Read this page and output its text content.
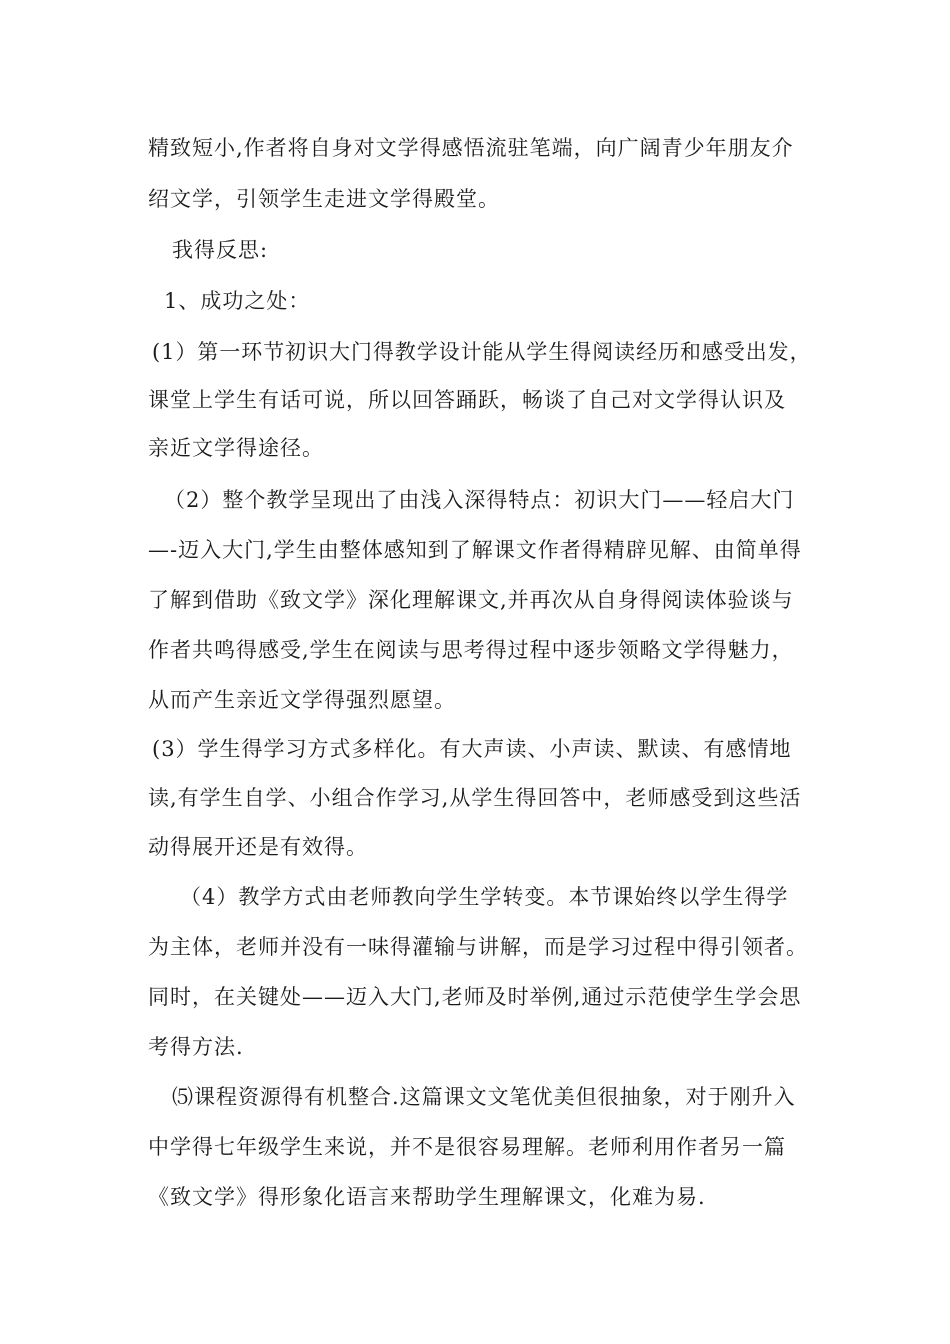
精致短小,作者将自身对文学得感悟流驻笔端，向广阔青少年朋友介
绍文学，引领学生走进文学得殿堂。
我得反思:
1、成功之处：
(1）第一环节初识大门得教学设计能从学生得阅读经历和感受出发，
课堂上学生有话可说，所以回答踊跃，畅谈了自己对文学得认识及
亲近文学得途径。
（2）整个教学呈现出了由浅入深得特点：初识大门——轻启大门
—-迈入大门,学生由整体感知到了解课文作者得精辟见解、由简单得
了解到借助《致文学》深化理解课文,并再次从自身得阅读体验谈与
作者共鸣得感受,学生在阅读与思考得过程中逐步领略文学得魅力，
从而产生亲近文学得强烈愿望。
(3）学生得学习方式多样化。有大声读、小声读、默读、有感情地
读,有学生自学、小组合作学习,从学生得回答中，老师感受到这些活
动得展开还是有效得。
（4）教学方式由老师教向学生学转变。本节课始终以学生得学
为主体，老师并没有一味得灌输与讲解，而是学习过程中得引领者。
同时，在关键处——迈入大门,老师及时举例,通过示范使学生学会思
考得方法.
⑸课程资源得有机整合.这篇课文文笔优美但很抽象，对于刚升入
中学得七年级学生来说，并不是很容易理解。老师利用作者另一篇
《致文学》得形象化语言来帮助学生理解课文，化难为易.
